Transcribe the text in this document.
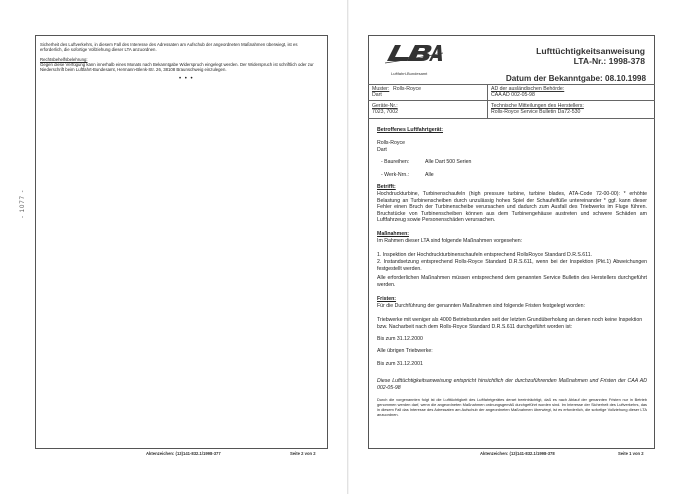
Sicherheit des Luftverkehrs, in diesem Fall des Interesse des Adressaten am Aufschub der angeordneten Maßnahmen überwiegt, ist es erforderlich, die sofortige Vollziehung dieser LTA anzuordnen.

Rechtsbehelfsbelehrung:

Gegen diese Verfügung kann innerhalb eines Monats nach Bekanntgabe Widerspruch eingelegt werden. Der Widerspruch ist schriftlich oder zur Niederschrift beim Luftfahrt-Bundesamt, Hermann-Blenk-Str. 26, 38108 Braunschweig einzulegen.

• • •

- 1077 -
Aktenzeichen: (13)141-832.1/1998-377	Seite 2 von 2
Luftfahrt-Bundesamt

Lufttüchtigkeitsanweisung

LTA-Nr.: 1998-378

Datum der Bekanntgabe: 08.10.1998

Muster: Rolls-Royce
Dart
AD der ausländischen Behörde:
CAA AD 002-05-98
Geräte-Nr.:
7023, 7002
Technische Mitteilungen des Herstellers:
Rolls-Royce Service Bulletin Da72-530

Betroffenes Luftfahrtgerät:

Rolls-Royce

Dart

- Baureihen:	Alle Dart 500 Serien

- Werk-Nrn.:	Alle

Betrifft:

Hochdruckturbine, Turbinenschaufeln (high pressure turbine, turbine blades, ATA-Code 72-00-00): * erhöhte Belastung an Turbinenscheiben durch unzulässig hohes Spiel der Schaufelfüße untereinander * ggf. kann dieser Fehler einen Bruch der Turbinenscheibe verursachen und dadurch zum Ausfall des Triebwerks im Fluge führen. Bruchstücke von Turbinenscheiben können aus dem Turbinengehäuse austreten und schwere Schäden am Luftfahrzeug sowie Personenschäden verursachen.

Maßnahmen:

Im Rahmen dieser LTA sind folgende Maßnahmen vorgesehen:

1. Inspektion der Hochdruckturbinenschaufeln entsprechend RollsRoyce Standard D.R.S.611.

2. Instandsetzung entsprechend Rolls-Royce Standard D.R.S.611, wenn bei der Inspektion (Pkt.1) Abweichungen festgestellt werden.

Alle erforderlichen Maßnahmen müssen entsprechend dem genannten Service Bulletin des Herstellers durchgeführt werden.

Fristen:

Für die Durchführung der genannten Maßnahmen sind folgende Fristen festgelegt worden:

Triebwerke mit weniger als 4000 Betriebsstunden seit der letzten Grundüberholung an denen noch keine Inspektion bzw. Nacharbeit nach dem Rolls-Royce Standard D.R.S.611 durchgeführt worden ist:

Bis zum 31.12.2000

Alle übrigen Triebwerke:

Bis zum 31.12.2001

Diese Lufttüchtigkeitsanweisung entspricht hinsichtlich der durchzuführenden Maßnahmen und Fristen der CAA AD 002-05-98

Durch die vorgenannten folgt ist die Lufttüchtigkeit des Luftfahrtgerätes derart beeinträchtigt, daß es nach Ablauf der genannten Fristen nur in Betrieb genommen werden darf, wenn die angeordneten Maßnahmen ordnungsgemäß durchgeführt worden sind. Im Interesse der Sicherheit des Luftverkehrs, das in diesem Fall das Interesse des Adressaten am Aufschub der angeordneten Maßnahmen überwiegt, ist es erforderlich, die sofortige Vollziehung dieser LTA anzuordnen.

Aktenzeichen: (13)141-832.1/1998-378	Seite 1 von 2
